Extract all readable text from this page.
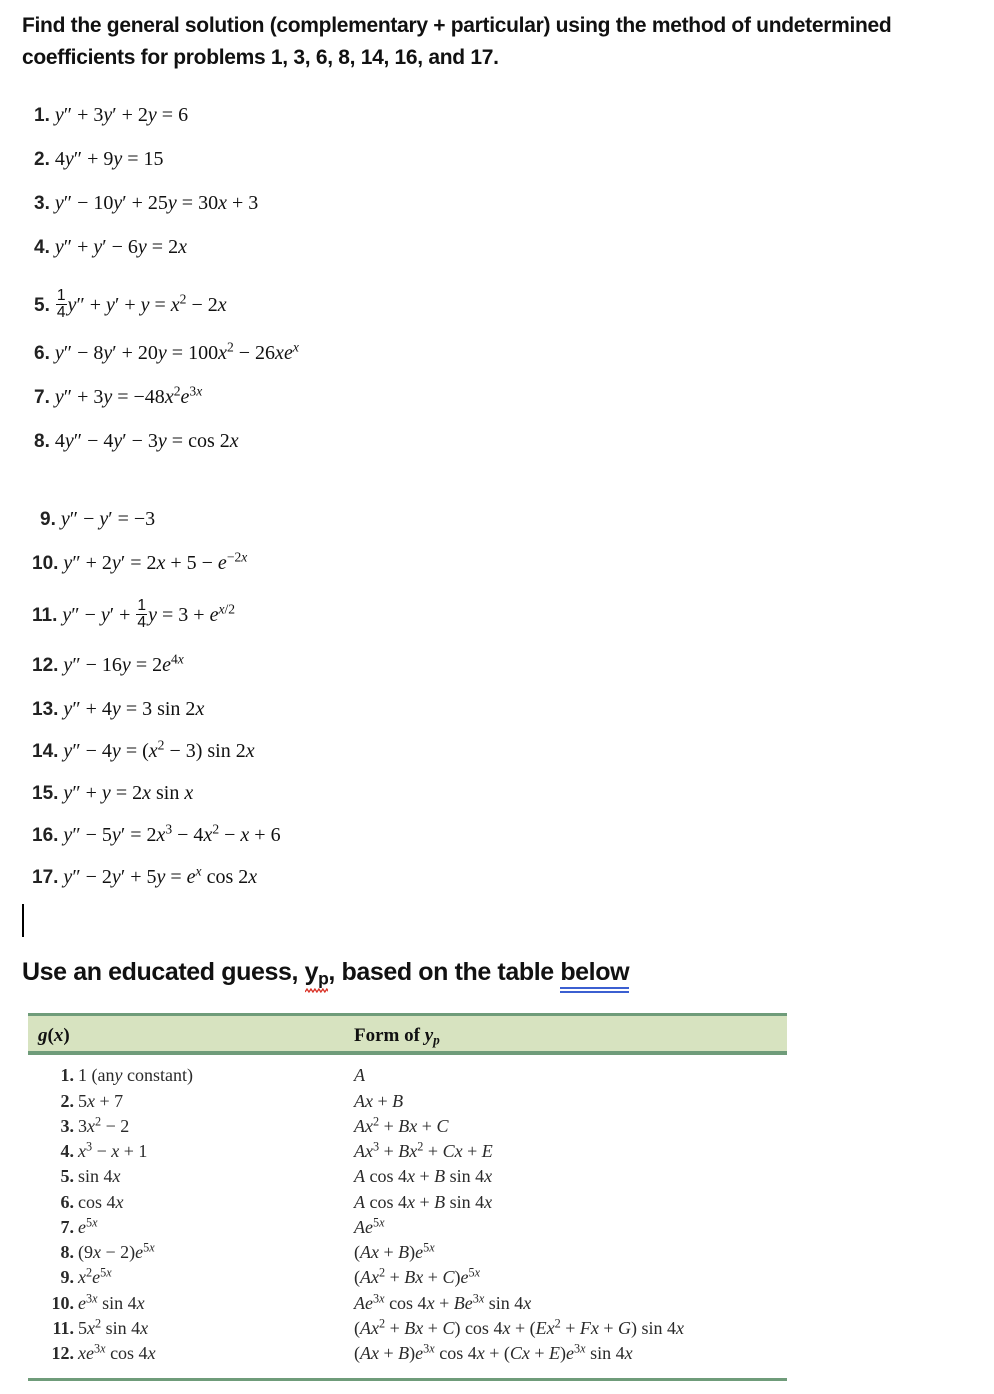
Find the general solution (complementary + particular) using the method of undetermined coefficients for problems 1, 3, 6, 8, 14, 16, and 17.
1. y″ + 3y′ + 2y = 6
2. 4y″ + 9y = 15
3. y″ − 10y′ + 25y = 30x + 3
4. y″ + y′ − 6y = 2x
5. $\frac{1}{4} y'' + y' + y = x^2 - 2x$
6. $y'' - 8y' + 20y = 100x^2 - 26xe^x$
7. $y'' + 3y = -48x^2e^{3x}$
8. 4y″ − 4y′ − 3y = cos 2x
9. y″ − y′ = −3
10. $y'' + 2y' = 2x + 5 - e^{-2x}$
11. $y'' - y' + \frac{1}{4}$ $y = 3 + e^{x/2}$
12. $y'' - 16y = 2e^{4x}$
13. y″ + 4y = 3 sin 2x
14. $y'' - 4y = (x^2 - 3)$ sin 2x
15. y″ + y = 2x sin x
16. $y'' - 5y' = 2x^3 - 4x^2 - x + 6$
17. $y'' - 2y' + 5y = e^x$ cos 2x
Use an educated guess, $y_p$
, based on the table below
g(x)	Form of $y_p$
1. 1 (any constant)	A
2. 5x + 7	Ax + B
3. $3x^2 - 2$	$Ax^2 + Bx + C$
4. $x^3 - x + 1$	$Ax^3 + Bx^2 + Cx + E$
5. sin 4x	A cos 4x + B sin 4x
6. cos 4x	A cos 4x + B sin 4x
7. $e^{5x}$	$Ae^{5x}$
8. $(9x - 2)e^{5x}$	$(Ax + B)e^{5x}$
9. $x^2e^{5x}$	$(Ax^2 + Bx + C)e^{5x}$
10. $e^{3x}$ sin 4x	$Ae^{3x}$ $\cos 4x + Be^{3x}$ sin 4x
11. $5x^2$ sin 4x	$(Ax^2 + Bx + C)$ $\cos 4x + (Ex^2 + Fx + G)$ sin 4x
12. $xe^{3x}$ cos 4x	$(Ax + B)e^{3x}$ $\cos 4x + (Cx + E)e^{3x}$ sin 4x
